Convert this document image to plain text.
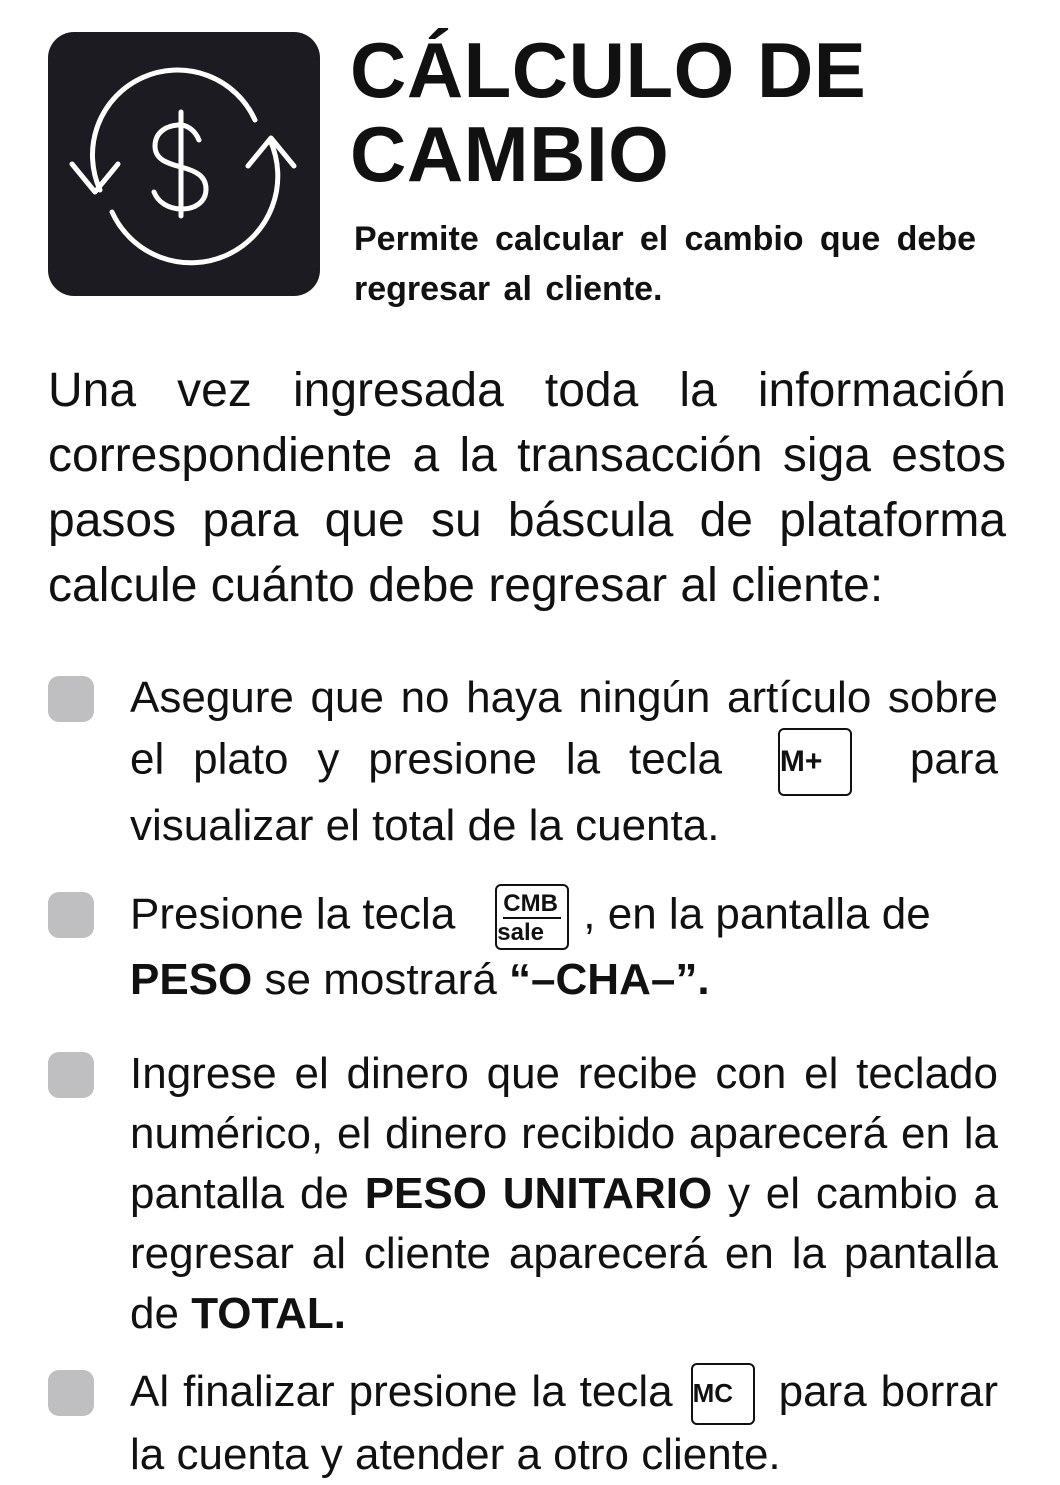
CÁLCULO DE
CAMBIO

Permite calcular el cambio que debe regresar al cliente.

Una vez ingresada toda la información correspondiente a la transacción siga estos pasos para que su báscula de plataforma calcule cuánto debe regresar al cliente:

Asegure que no haya ningún artículo sobre el plato y presione la tecla M+ para visualizar el total de la cuenta.

Presione la tecla CMB
sale , en la pantalla de
PESO se mostrará “–CHA–”.

Ingrese el dinero que recibe con el teclado numérico, el dinero recibido aparecerá en la pantalla de PESO UNITARIO y el cambio a regresar al cliente aparecerá en la pantalla de TOTAL.

Al finalizar presione la tecla MC para borrar la cuenta y atender a otro cliente.
